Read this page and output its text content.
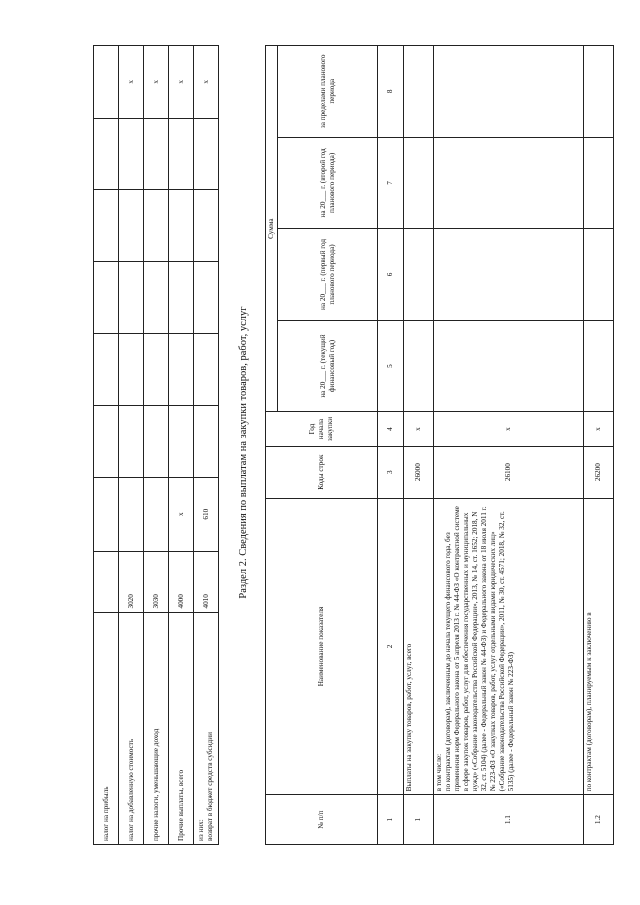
налог на прибыль								

налог на добавленную стоимость	3020							х

прочие налоги, уменьшающие доход	3030							х

Прочие выплаты, всего	4000	х						х

из них: возврат в бюджет средств субсидии	4010	610						х
Раздел 2. Сведения по выплатам на закупки товаров, работ, услуг
№ п/п	Наименование показателя	Коды строк	Год начала закупки	Сумма			
				на 20___ г. (текущий финансовый год)	на 20___ г. (первый год планового периода)	на 20___ г. (второй год планового периода)	за пределами планового периода
1	2	3	4	5	6	7	8
1	Выплаты на закупку товаров, работ, услуг, всего	26000	х				
1.1	в том числе:
по контрактам (договорам), заключенным до начала текущего финансового года, без применения норм Федерального закона от 5 апреля 2013 г. № 44-ФЗ «О контрактной системе в сфере закупок товаров, работ, услуг для обеспечения государственных и муниципальных нужд» («Собрание законодательства Российской Федерации», 2013, № 14, ст. 1652; 2018, N 32, ст. 5104) (далее - Федеральный закон № 44-ФЗ) и Федерального закона от 18 июля 2011 г. № 223-ФЗ «О закупках товаров, работ, услуг отдельными видами юридических лиц» («Собрание законодательства Российской Федерации», 2011, № 30, ст. 4571; 2018, № 32, ст. 5135) (далее - Федеральный закон № 223-ФЗ)	26100	х				
1.2	по контрактам (договорам), планируемым к заключению в	26200	х				
